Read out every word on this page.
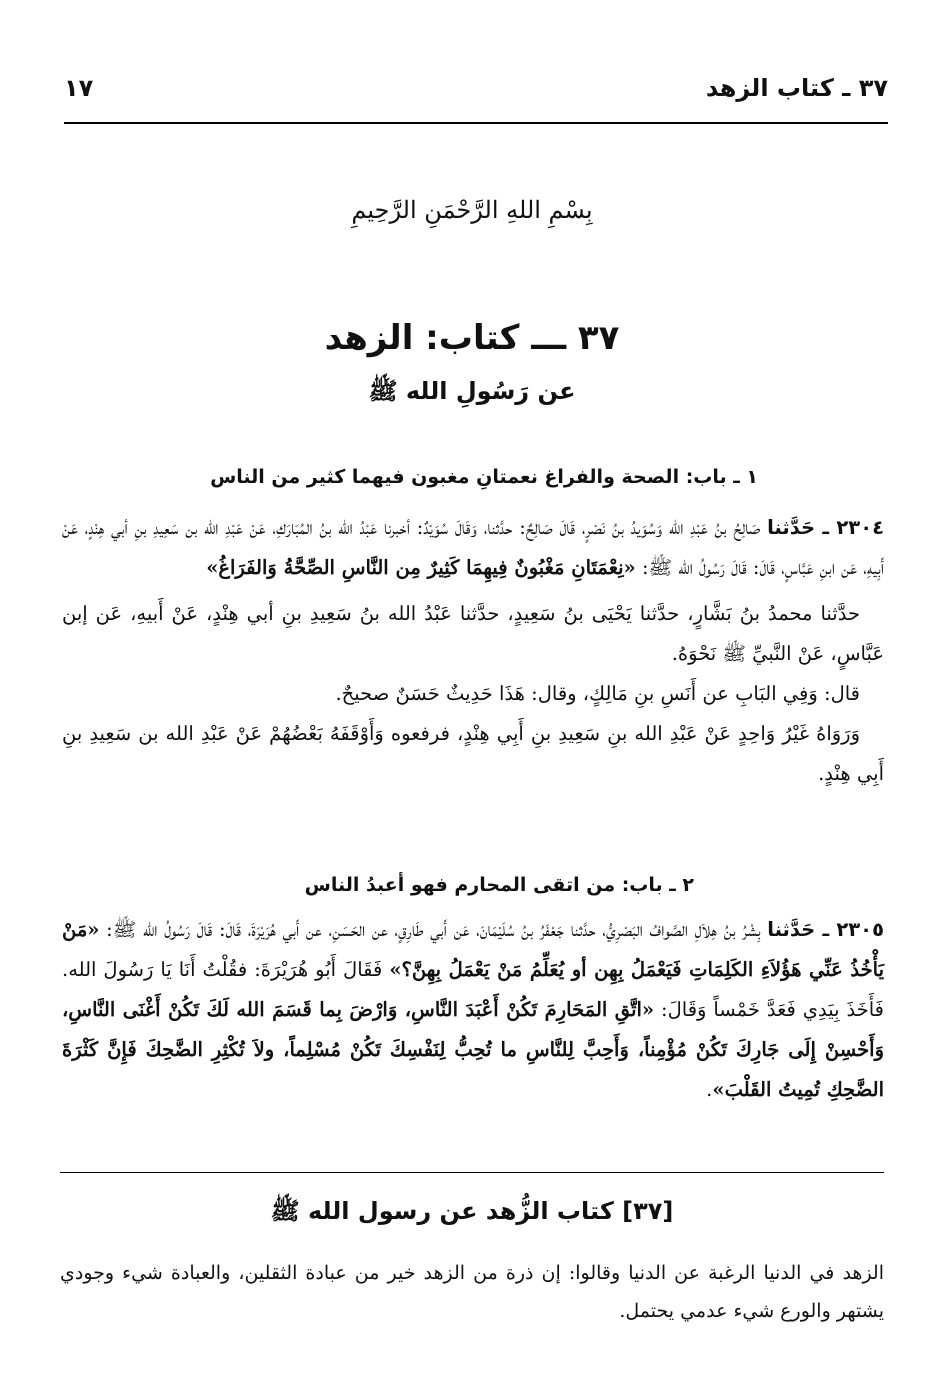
٣٧ ـ كتاب الزهد
١٧
بِسْمِ اللهِ الرَّحْمَنِ الرَّحِيمِ
٣٧ ـــ كتاب: الزهد
عن رَسُولِ الله ﷺ
١ ـ باب: الصحة والفراغ نعمتانِ مغبون فيهما كثير من الناس
٢٣٠٤ ـ حَدَّثنا صَالِحُ بنُ عَبْدِ الله وَسُوَيدُ بنُ نَصْرٍ، قَالَ صَالِحٌ: حدَّثنا، وَقَالَ سُوَيْدٌ: أخبرنا عَبْدُ الله بنُ المُبَارَكِ، عَنْ عَبْدِ الله بن سَعِيدِ بنِ أبي هِنْدٍ، عَنْ أَبِيهِ، عَن ابنِ عَبَّاسٍ، قَالَ: قَالَ رَسُولُ الله ﷺ: «نِعْمَتَانِ مَغْبُونٌ فِيهِمَا كَثِيرٌ مِن النَّاسِ الصِّحَّةُ وَالفَرَاغُ»
حدَّثنا محمدُ بنُ بَشَّارٍ، حدَّثنا يَحْيَى بنُ سَعِيدٍ، حدَّثنا عَبْدُ الله بنُ سَعِيدِ بنِ أبي هِنْدٍ، عَنْ أَبيهِ، عَن إبن عَبَّاسٍ، عَنْ النَّبيِّ ﷺ نَحْوَهُ.
قال: وَفِي البَابِ عن أَنَسِ بنِ مَالِكٍ، وقال: هَذَا حَدِيثٌ حَسَنٌ صحيحٌ.
وَرَوَاهُ غَيْرُ وَاحِدٍ عَنْ عَبْدِ الله بنِ سَعِيدِ بنِ أَبِي هِنْدٍ، فرفعوه وَأَوْقَفَهُ بَعْضُهُمْ عَنْ عَبْدِ الله بن سَعِيدِ بنِ أَبِي هِنْدٍ.
٢ ـ باب: من اتقى المحارم فهو أعبدُ الناس
٢٣٠٥ ـ حَدَّثنا بِشْرُ بنُ هِلاَلِ الصَّوافُ البَصْرِيُّ، حدَّثنا جَعْفَرُ بنُ سُلَيْمَانَ، عَن أَبي طَارِقٍ، عن الحَسَنِ، عن أَبي هُرَيْرَةَ، قَالَ: قَالَ رَسُولُ الله ﷺ: «مَنْ يَأْخُذُ عَنِّي هَؤُلاَءِ الكَلِمَاتِ فَيَعْمَلُ بِهِن أو يُعَلِّمُ مَنْ يَعْمَلُ بِهِنَّ؟» فَقَالَ أَبُو هُرَيْرَةَ: فقُلْتُ أَنَا يَا رَسُولَ الله. فَأَخَذَ بِيَدِي فَعَدَّ خَمْساً وَقَالَ: «اتَّقِ المَحَارِمَ تَكُنْ أَعْبَدَ النَّاسِ، وَارْضَ بِما قَسَمَ الله لَكَ تَكُنْ أَغْنَى النَّاسِ، وَأَحْسِنْ إِلَى جَارِكَ تَكُنْ مُؤْمِناً، وَأَحِبَّ لِلنَّاسِ ما تُحِبُّ لِنَفْسِكَ تَكُنْ مُسْلِماً، ولاَ تُكْثِرِ الضَّحِكَ فَإِنَّ كَثْرَةَ الضَّحِكِ تُمِيتُ القَلْبَ».
[٣٧] كتاب الزُّهد عن رسول الله ﷺ
الزهد في الدنيا الرغبة عن الدنيا وقالوا: إن ذرة من الزهد خير من عبادة الثقلين، والعبادة شيء وجودي يشتهر والورع شيء عدمي يحتمل.
